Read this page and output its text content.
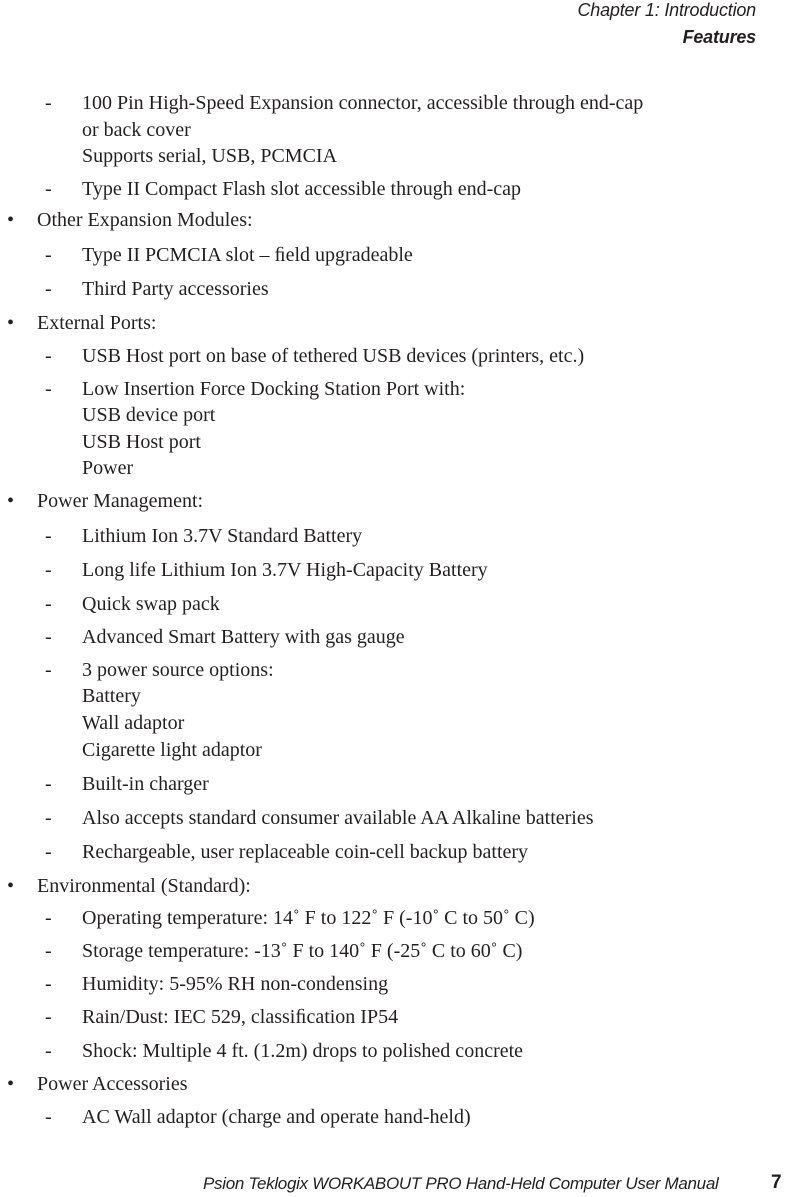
Chapter 1: Introduction
Features
- 100 Pin High-Speed Expansion connector, accessible through end-cap
or back cover
Supports serial, USB, PCMCIA
- Type II Compact Flash slot accessible through end-cap
• Other Expansion Modules:
- Type II PCMCIA slot – ﬁeld upgradeable
- Third Party accessories
• External Ports:
- USB Host port on base of tethered USB devices (printers, etc.)
- Low Insertion Force Docking Station Port with:
USB device port
USB Host port
Power
• Power Management:
- Lithium Ion 3.7V Standard Battery
- Long life Lithium Ion 3.7V High-Capacity Battery
- Quick swap pack
- Advanced Smart Battery with gas gauge
- 3 power source options:
Battery
Wall adaptor
Cigarette light adaptor
- Built-in charger
- Also accepts standard consumer available AA Alkaline batteries
- Rechargeable, user replaceable coin-cell backup battery
• Environmental (Standard):
- Operating temperature: 14˚ F to 122˚ F (-10˚ C to 50˚ C)
- Storage temperature: -13˚ F to 140˚ F (-25˚ C to 60˚ C)
- Humidity: 5-95% RH non-condensing
- Rain/Dust: IEC 529, classiﬁcation IP54
- Shock: Multiple 4 ft. (1.2m) drops to polished concrete
• Power Accessories
- AC Wall adaptor (charge and operate hand-held)
Psion Teklogix WORKABOUT PRO Hand-Held Computer User Manual	7
